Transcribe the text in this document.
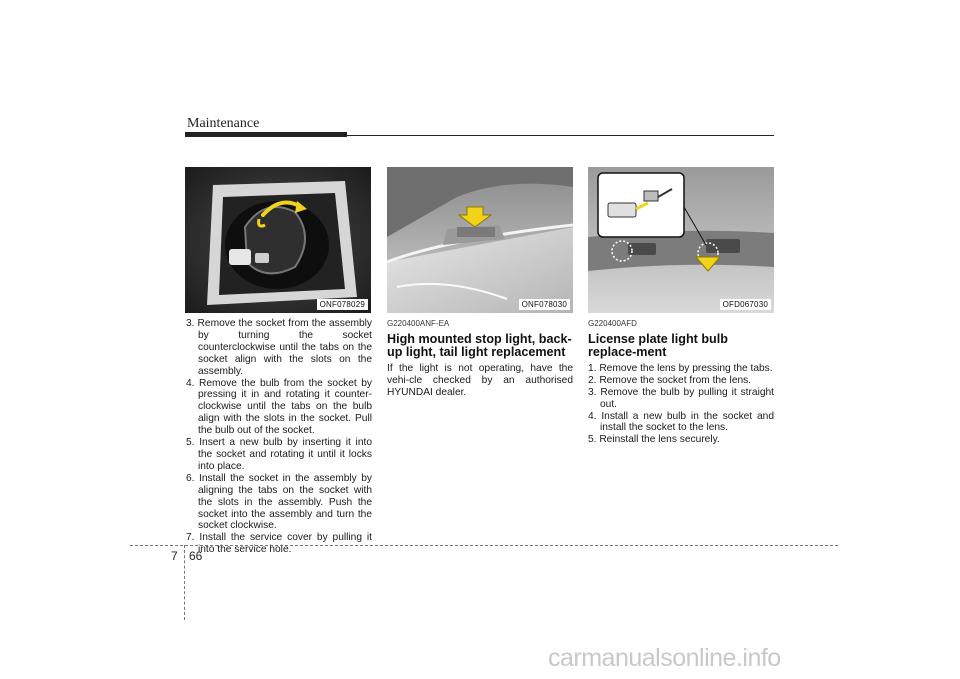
Maintenance
ONF078029	ONF078030	OFD067030
3. Remove the socket from the assembly by turning the socket counterclockwise until the tabs on the socket align with the slots on the assembly.
4. Remove the bulb from the socket by pressing it in and rotating it counter-clockwise until the tabs on the bulb align with the slots in the socket. Pull the bulb out of the socket.
5. Insert a new bulb by inserting it into the socket and rotating it until it locks into place.
6. Install the socket in the assembly by aligning the tabs on the socket with the slots in the assembly. Push the socket into the assembly and turn the socket clockwise.
7. Install the service cover by pulling it into the service hole.
G220400ANF-EA
High mounted stop light, back-up light, tail light replacement

If the light is not operating, have the vehi-cle checked by an authorised HYUNDAI dealer.

G220400AFD
License plate light bulb replace-ment
1. Remove the lens by pressing the tabs.
2. Remove the socket from the lens.
3. Remove the bulb by pulling it straight out.
4. Install a new bulb in the socket and install the socket to the lens.
5. Reinstall the lens securely.
7 66
carmanualsonline.info
